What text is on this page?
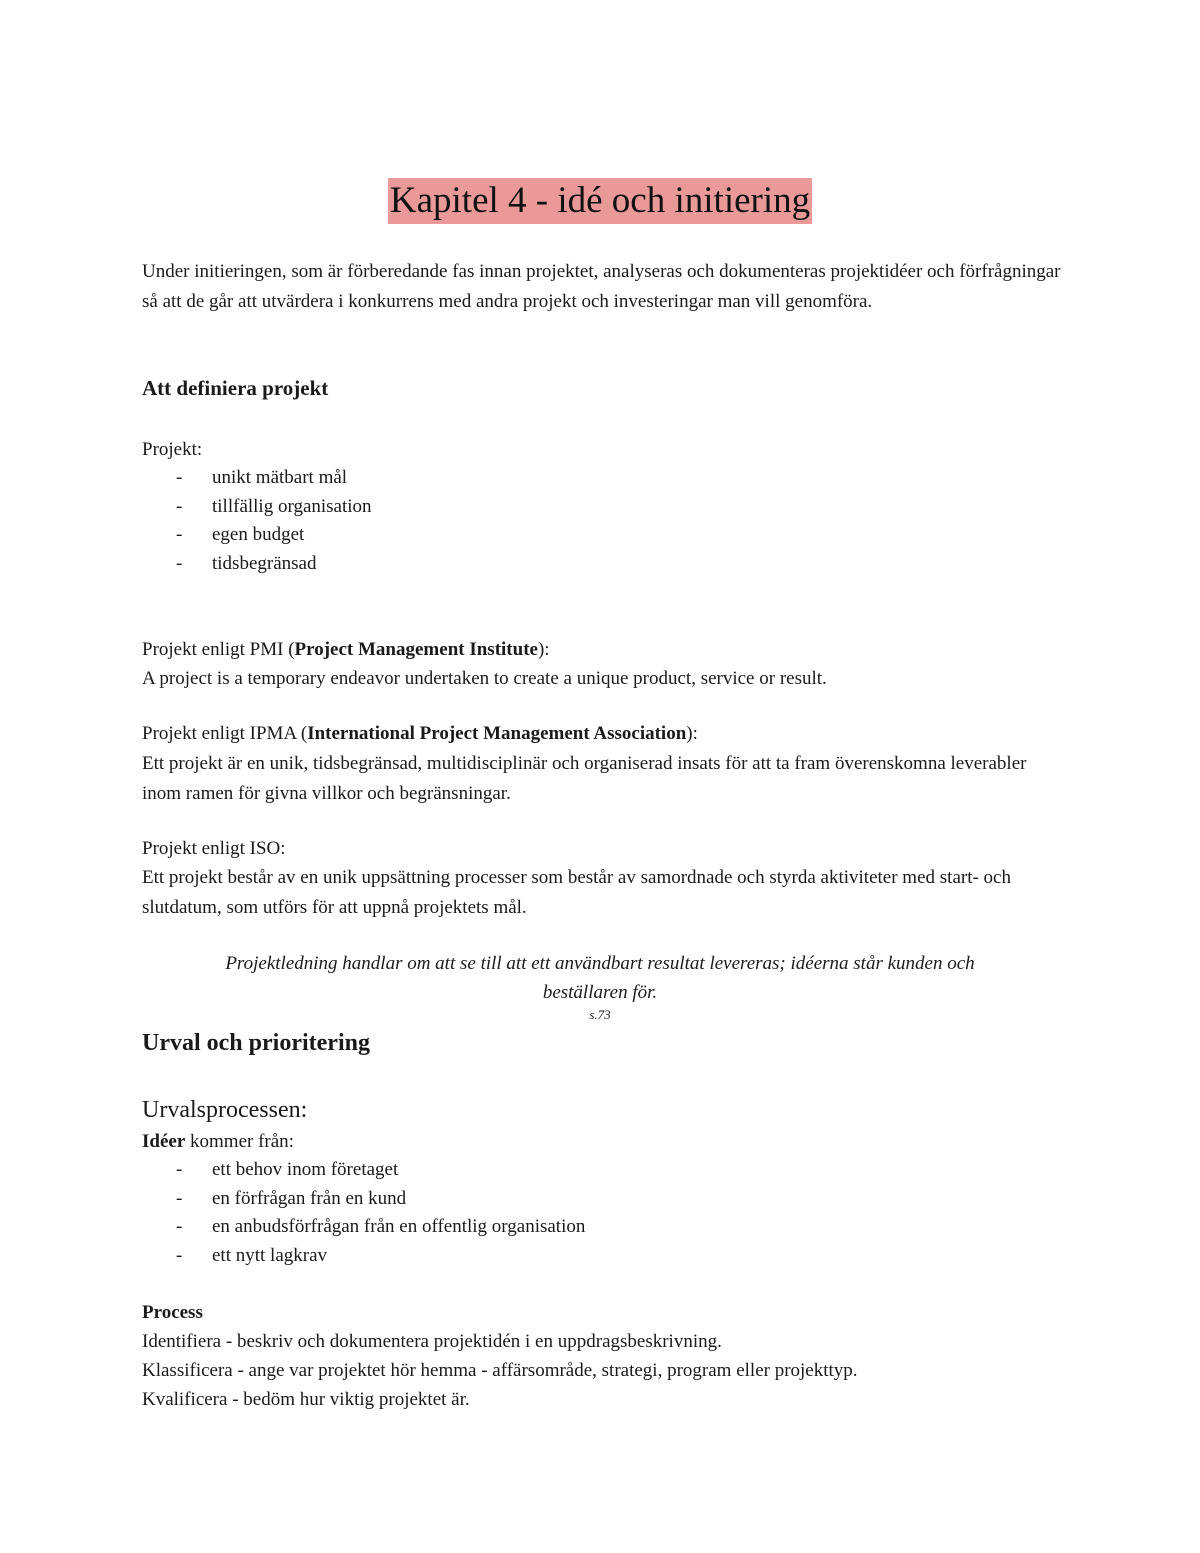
Kapitel 4 - idé och initiering
Under initieringen, som är förberedande fas innan projektet, analyseras och dokumenteras projektidéer och förfrågningar så att de går att utvärdera i konkurrens med andra projekt och investeringar man vill genomföra.
Att definiera projekt
Projekt:
- unikt mätbart mål
- tillfällig organisation
- egen budget
- tidsbegränsad
Projekt enligt PMI (Project Management Institute):
A project is a temporary endeavor undertaken to create a unique product, service or result.
Projekt enligt IPMA (International Project Management Association):
Ett projekt är en unik, tidsbegränsad, multidisciplinär och organiserad insats för att ta fram överenskomna leverabler inom ramen för givna villkor och begränsningar.
Projekt enligt ISO:
Ett projekt består av en unik uppsättning processer som består av samordnade och styrda aktiviteter med start- och slutdatum, som utförs för att uppnå projektets mål.
Projektledning handlar om att se till att ett användbart resultat levereras; idéerna står kunden och
beställaren för.
s.73
Urval och prioritering
Urvalsprocessen:
Idéer kommer från:
- ett behov inom företaget
- en förfrågan från en kund
- en anbudsförfrågan från en offentlig organisation
- ett nytt lagkrav
Process
Identifiera - beskriv och dokumentera projektidén i en uppdragsbeskrivning.
Klassificera - ange var projektet hör hemma - affärsområde, strategi, program eller projekttyp.
Kvalificera - bedöm hur viktig projektet är.
